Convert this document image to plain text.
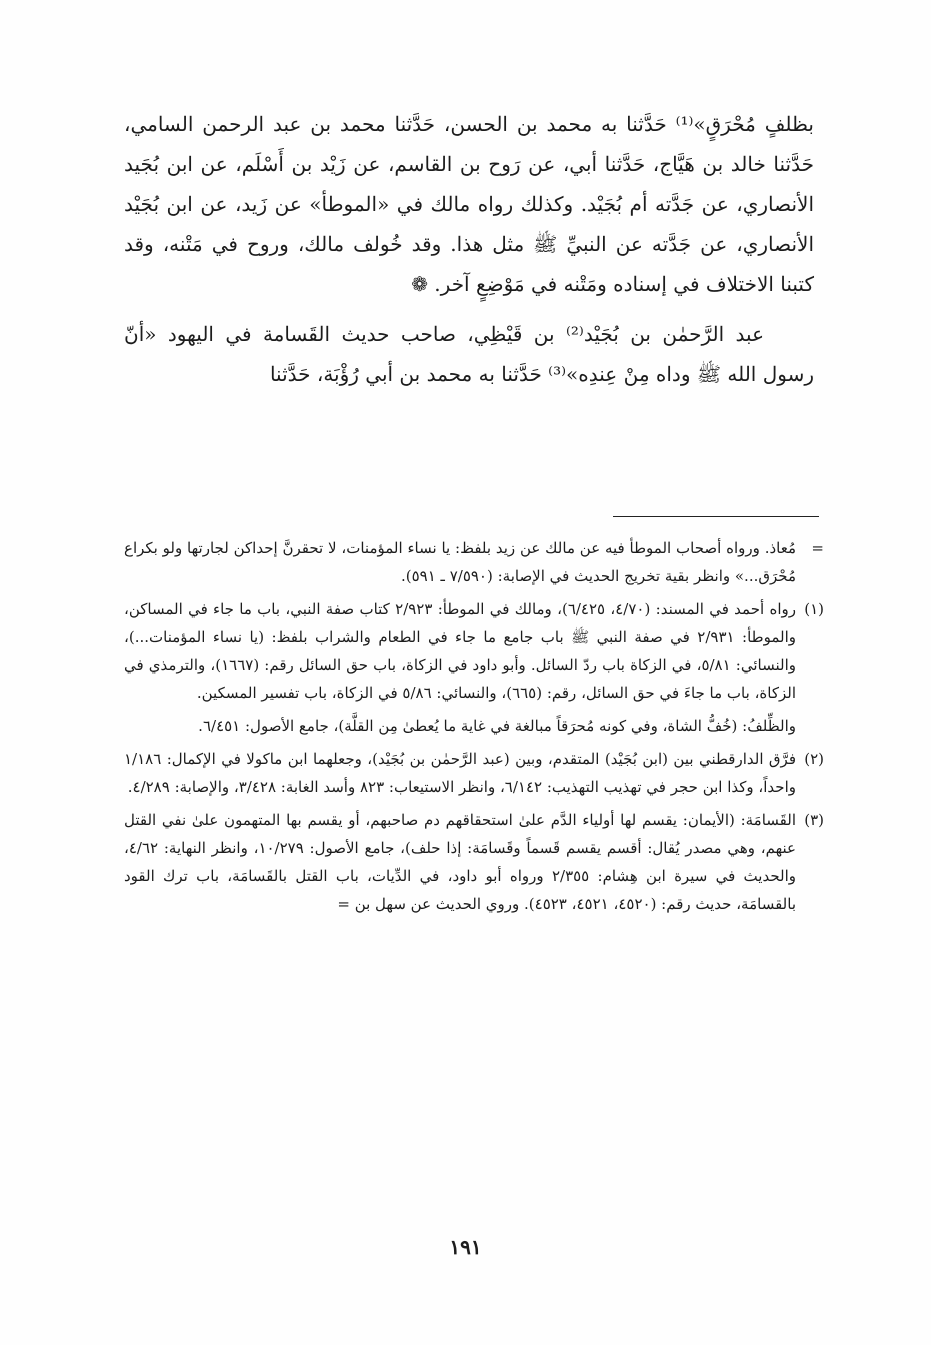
بظلفٍ مُحْرَقٍ»⁽¹⁾ حَدَّثنا به محمد بن الحسن، حَدَّثنا محمد بن عبد الرحمن السامي، حَدَّثنا خالد بن هَيَّاج، حَدَّثنا أبي، عن رَوح بن القاسم، عن زَيْد بن أَسْلَم، عن ابن بُجَيد الأنصاري، عن جَدَّته أم بُجَيْد. وكذلك رواه مالك في «الموطأ» عن زَيد، عن ابن بُجَيْد الأنصاري، عن جَدَّته عن النبيِّ ﷺ مثل هذا. وقد خُولف مالك، وروح في مَتْنه، وقد كتبنا الاختلاف في إسناده ومَتْنه في مَوْضِعٍ آخر. ❁

عبد الرَّحمٰن بن بُجَيْد⁽²⁾ بن قَيْظِي، صاحب حديث القَسامة في اليهود «أنّ رسول الله ﷺ وداه مِنْ عِندِه»⁽³⁾ حَدَّثنا به محمد بن أبي رُؤْبَة، حَدَّثنا

=
مُعاذ. ورواه أصحاب الموطأ فيه عن مالك عن زيد بلفظ: يا نساء المؤمنات، لا تحقرنَّ إحداكن لجارتها ولو بكراع مُحْرَق...» وانظر بقية تخريج الحديث في الإصابة: (٧/٥٩٠ ـ ٥٩١).
(١)
رواه أحمد في المسند: (٤/٧٠، ٦/٤٢٥)، ومالك في الموطأ: ٢/٩٢٣ كتاب صفة النبي، باب ما جاء في المساكن، والموطأ: ٢/٩٣١ في صفة النبي ﷺ باب جامع ما جاء في الطعام والشراب بلفظ: (يا نساء المؤمنات...)، والنسائي: ٥/٨١، في الزكاة باب ردّ السائل. وأبو داود في الزكاة، باب حق السائل رقم: (١٦٦٧)، والترمذي في الزكاة، باب ما جاءَ في حق السائل، رقم: (٦٦٥)، والنسائي: ٥/٨٦ في الزكاة، باب تفسير المسكين.
والظِّلفُ: (خُفُّ الشاة، وفي كونه مُحرَقاً مبالغة في غاية ما يُعطىٰ مِن القلَّة)، جامع الأصول: ٦/٤٥١.
(٢)
فرَّق الدارقطني بين (ابن بُجَيْد) المتقدم، وبين (عبد الرَّحمٰن بن بُجَيْد)، وجعلهما ابن ماكولا في الإكمال: ١/١٨٦ واحداً، وكذا ابن حجر في تهذيب التهذيب: ٦/١٤٢، وانظر الاستيعاب: ٨٢٣ وأسد الغابة: ٣/٤٢٨، والإصابة: ٤/٢٨٩.
(٣)
القَسامَة: (الأيمان: يقسم لها أولياء الدَّم علىٰ استحقاقهم دم صاحبهم، أو يقسم بها المتهمون علىٰ نفي القتل عنهم، وهي مصدر يُقال: أقسم يقسم قَسماً وقَسامَة: إذا حلف)، جامع الأصول: ١٠/٢٧٩، وانظر النهاية: ٤/٦٢، والحديث في سيرة ابن هِشام: ٢/٣٥٥ ورواه أبو داود، في الدِّيات، باب القتل بالقَسامَة، باب ترك القود بالقسامَة، حديث رقم: (٤٥٢٠، ٤٥٢١، ٤٥٢٣). وروي الحديث عن سهل بن =
١٩١
